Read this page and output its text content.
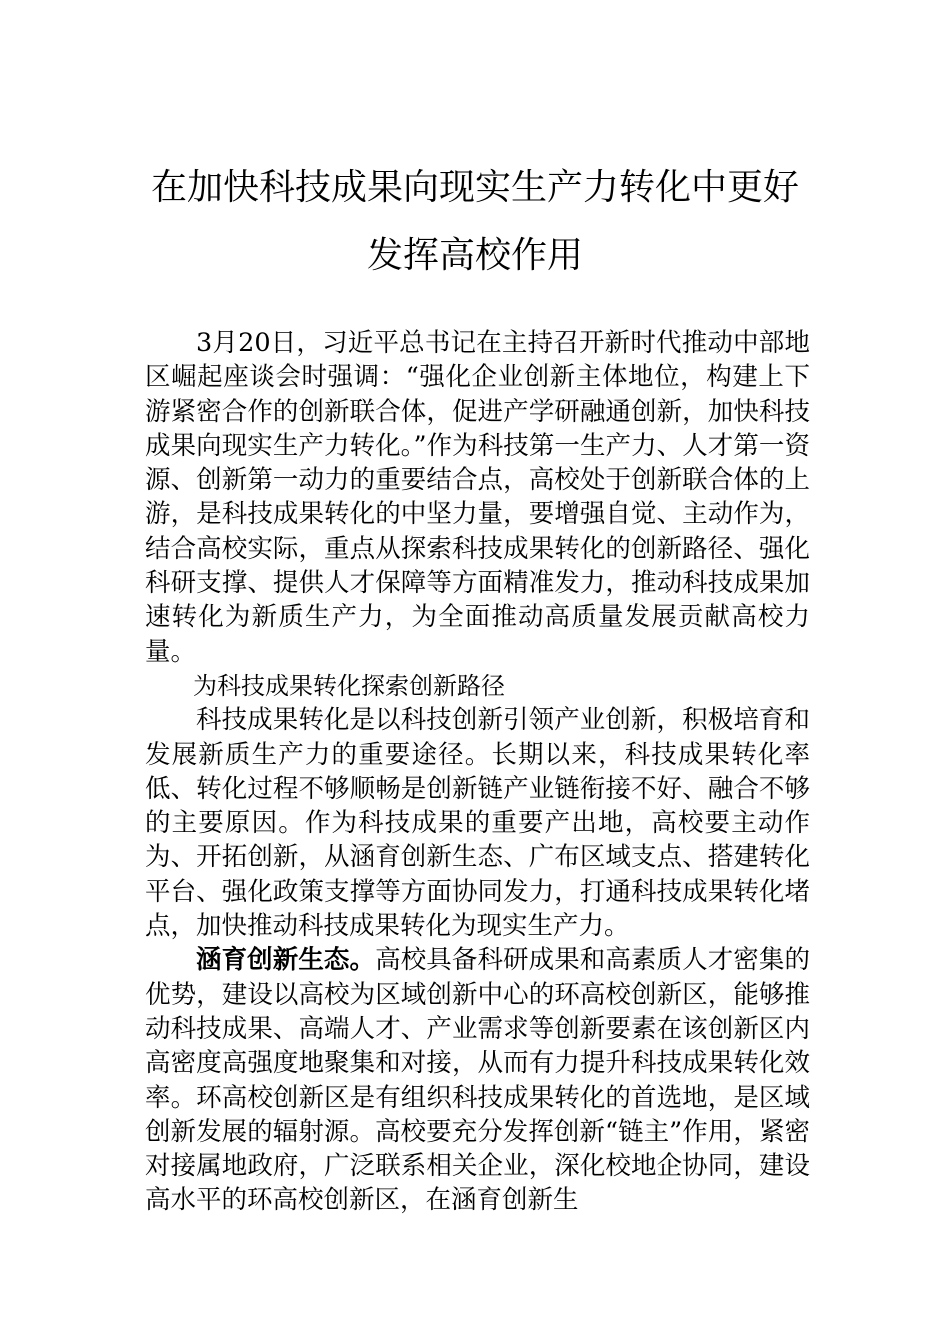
在加快科技成果向现实生产力转化中更好
发挥高校作用

3月20日，习近平总书记在主持召开新时代推动中部地区崛起座谈会时强调：“强化企业创新主体地位，构建上下游紧密合作的创新联合体，促进产学研融通创新，加快科技成果向现实生产力转化。”作为科技第一生产力、人才第一资源、创新第一动力的重要结合点，高校处于创新联合体的上游，是科技成果转化的中坚力量，要增强自觉、主动作为，结合高校实际，重点从探索科技成果转化的创新路径、强化科研支撑、提供人才保障等方面精准发力，推动科技成果加速转化为新质生产力，为全面推动高质量发展贡献高校力量。

为科技成果转化探索创新路径

科技成果转化是以科技创新引领产业创新，积极培育和发展新质生产力的重要途径。长期以来，科技成果转化率低、转化过程不够顺畅是创新链产业链衔接不好、融合不够的主要原因。作为科技成果的重要产出地，高校要主动作为、开拓创新，从涵育创新生态、广布区域支点、搭建转化平台、强化政策支撑等方面协同发力，打通科技成果转化堵点，加快推动科技成果转化为现实生产力。

涵育创新生态。高校具备科研成果和高素质人才密集的优势，建设以高校为区域创新中心的环高校创新区，能够推动科技成果、高端人才、产业需求等创新要素在该创新区内高密度高强度地聚集和对接，从而有力提升科技成果转化效率。环高校创新区是有组织科技成果转化的首选地，是区域创新发展的辐射源。高校要充分发挥创新“链主”作用，紧密对接属地政府，广泛联系相关企业，深化校地企协同，建设高水平的环高校创新区，在涵育创新生
